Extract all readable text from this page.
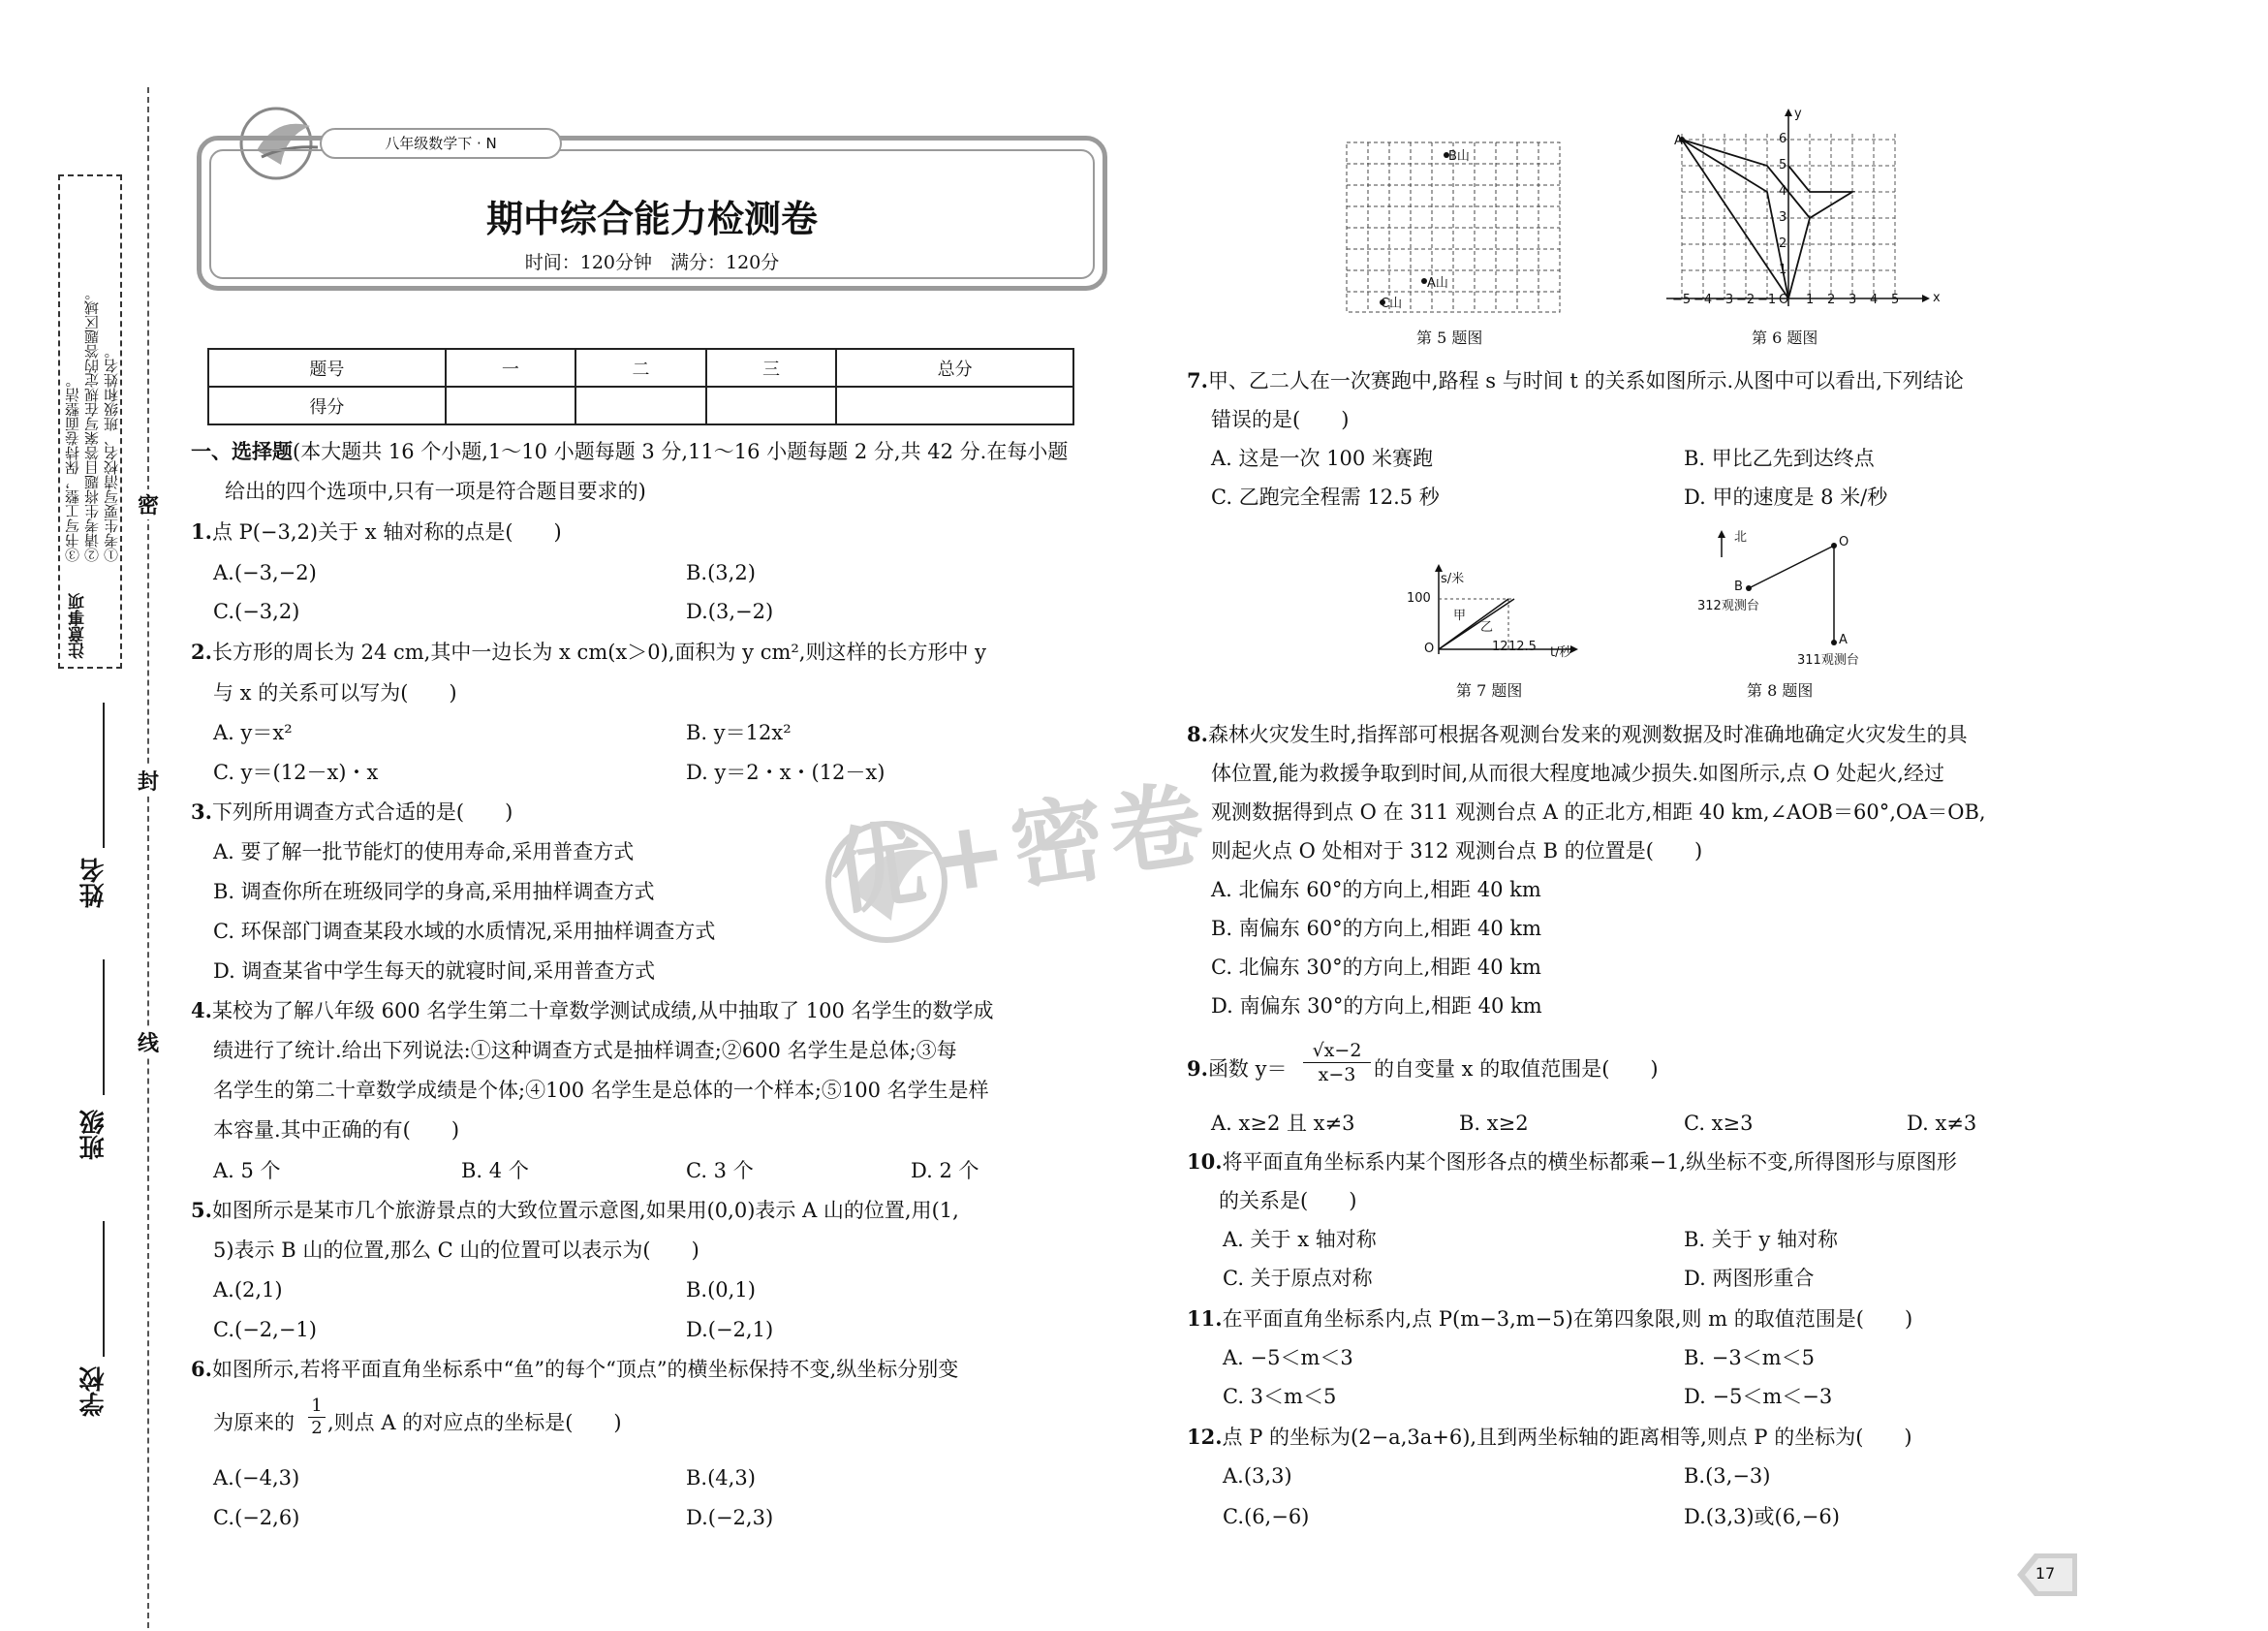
注意事项
①考生要写清校名、班级和姓名。
②请考生将题目答案写在规定的答题区域。
③书写工整，保持卷面整洁。	密
封
线
姓名
班级
学校
八年级数学下 · N
期中综合能力检测卷
时间：120分钟　满分：120分
题号	一	二	三	总分
得分				
一、选择题(本大题共 16 个小题,1～10 小题每题 3 分,11～16 小题每题 2 分,共 42 分.在每小题
给出的四个选项中,只有一项是符合题目要求的)
1.点 P(−3,2)关于 x 轴对称的点是(　　)
A.(−3,−2)	B.(3,2)
C.(−3,2)	D.(3,−2)
2.长方形的周长为 24 cm,其中一边长为 x cm(x＞0),面积为 y cm²,则这样的长方形中 y
与 x 的关系可以写为(　　)
A. y＝x²	B. y＝12x²
C. y＝(12－x)・x	D. y＝2・x・(12－x)
3.下列所用调查方式合适的是(　　)
A. 要了解一批节能灯的使用寿命,采用普查方式
B. 调查你所在班级同学的身高,采用抽样调查方式
C. 环保部门调查某段水域的水质情况,采用抽样调查方式
D. 调查某省中学生每天的就寝时间,采用普查方式
4.某校为了解八年级 600 名学生第二十章数学测试成绩,从中抽取了 100 名学生的数学成
绩进行了统计.给出下列说法:①这种调查方式是抽样调查;②600 名学生是总体;③每
名学生的第二十章数学成绩是个体;④100 名学生是总体的一个样本;⑤100 名学生是样
本容量.其中正确的有(　　)
A. 5 个	B. 4 个	C. 3 个	D. 2 个
5.如图所示是某市几个旅游景点的大致位置示意图,如果用(0,0)表示 A 山的位置,用(1,
5)表示 B 山的位置,那么 C 山的位置可以表示为(　　)
A.(2,1)	B.(0,1)
C.(−2,−1)	D.(−2,1)
6.如图所示,若将平面直角坐标系中“鱼”的每个“顶点”的横坐标保持不变,纵坐标分别变
为原来的 $\frac{1}{2}$ ,则点 A 的对应点的坐标是(　　)
A.(−4,3)	B.(4,3)
C.(−2,6)	D.(−2,3)
B山
A山
C山
第 5 题图
A
y
x
−5 −4 −3 −2 −1 O 1 2 3 4 5
1
2
3
4
5
6
第 6 题图
7.甲、乙二人在一次赛跑中,路程 s 与时间 t 的关系如图所示.从图中可以看出,下列结论
错误的是(　　)
A. 这是一次 100 米赛跑	B. 甲比乙先到达终点
C. 乙跑完全程需 12.5 秒	D. 甲的速度是 8 米/秒
s/米
100
甲
乙
O	12 12.5 t/秒
第 7 题图
北	O
B
312观测台
A
311观测台
第 8 题图
8.森林火灾发生时,指挥部可根据各观测台发来的观测数据及时准确地确定火灾发生的具
体位置,能为救援争取到时间,从而很大程度地减少损失.如图所示,点 O 处起火,经过
观测数据得到点 O 在 311 观测台点 A 的正北方,相距 40 km,∠AOB＝60°,OA＝OB,
则起火点 O 处相对于 312 观测台点 B 的位置是(　　)
A. 北偏东 60°的方向上,相距 40 km
B. 南偏东 60°的方向上,相距 40 km
C. 北偏东 30°的方向上,相距 40 km
D. 南偏东 30°的方向上,相距 40 km
9.函数 $y= \frac{√x-2}{x-3}$ 的自变量 x 的取值范围是(　　)
A. x≥2 且 x≠3	B. x≥2	C. x≥3	D. x≠3
10.将平面直角坐标系内某个图形各点的横坐标都乘−1,纵坐标不变,所得图形与原图形
的关系是(　　)
A. 关于 x 轴对称	B. 关于 y 轴对称
C. 关于原点对称	D. 两图形重合
11.在平面直角坐标系内,点 P(m−3,m−5)在第四象限,则 m 的取值范围是(　　)
A. −5＜m＜3	B. −3＜m＜5
C. 3＜m＜5	D. −5＜m＜−3
12.点 P 的坐标为(2−a,3a+6),且到两坐标轴的距离相等,则点 P 的坐标为(　　)
A.(3,3)	B.(3,−3)
C.(6,−6)	D.(3,3)或(6,−6)
优+密卷
17
